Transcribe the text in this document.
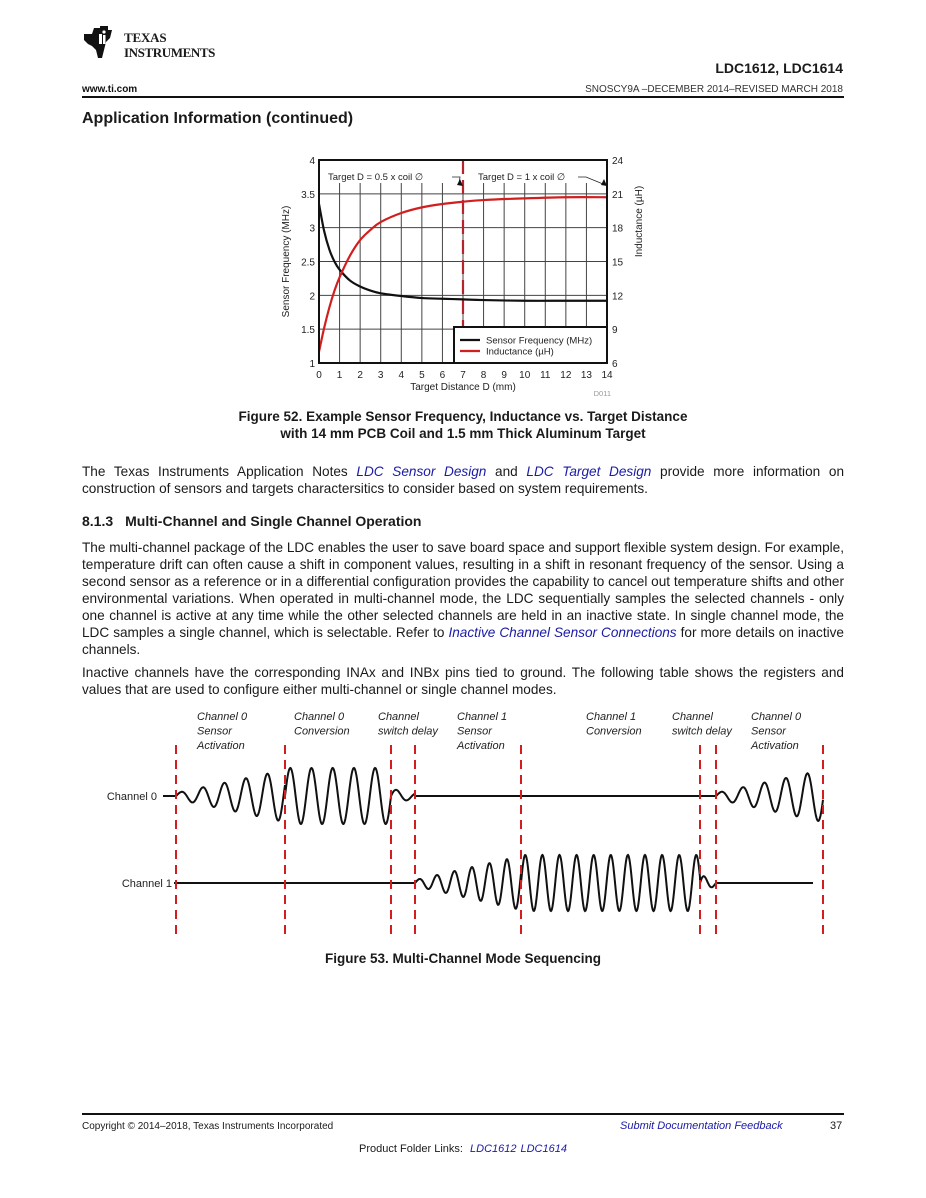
TEXAS
INSTRUMENTS
LDC1612, LDC1614
www.ti.com	SNOSCY9A –DECEMBER 2014–REVISED MARCH 2018
Application Information (continued)
0 1 2 3 4 5 6 7 8 9 10 11 12 13 14
1
1.5
2
2.5
3
3.5
4
6
9
12
15
18
21
24
Target D = 0.5 x coil ∅	Target D = 1 x coil ∅
Sensor Frequency (MHz)
Inductance (µH)
Target Distance D (mm)
Sensor Frequency (MHz)	Inductance (µH)
D011
Figure 52. Example Sensor Frequency, Inductance vs. Target Distance
with 14 mm PCB Coil and 1.5 mm Thick Aluminum Target
The Texas Instruments Application Notes LDC Sensor Design and LDC Target Design provide more information on construction of sensors and targets charactersitics to consider based on system requirements.
8.1.3 Multi-Channel and Single Channel Operation
The multi-channel package of the LDC enables the user to save board space and support flexible system design. For example, temperature drift can often cause a shift in component values, resulting in a shift in resonant frequency of the sensor. Using a second sensor as a reference or in a differential configuration provides the capability to cancel out temperature shifts and other environmental variations. When operated in multi-channel mode, the LDC sequentially samples the selected channels - only one channel is active at any time while the other selected channels are held in an inactive state. In single channel mode, the LDC samples a single channel, which is selectable. Refer to Inactive Channel Sensor Connections for more details on inactive channels.
Inactive channels have the corresponding INAx and INBx pins tied to ground. The following table shows the registers and values that are used to configure either multi-channel or single channel modes.
Channel 0
Sensor
Activation
Channel 0
Conversion
Channel
switch delay
Channel 1
Sensor
Activation
Channel 1
Conversion
Channel
switch delay
Channel 0
Sensor
Activation
Channel 0
Channel 1
Figure 53. Multi-Channel Mode Sequencing
Copyright © 2014–2018, Texas Instruments Incorporated	Submit Documentation Feedback	37
Product Folder Links: LDC1612 LDC1614
